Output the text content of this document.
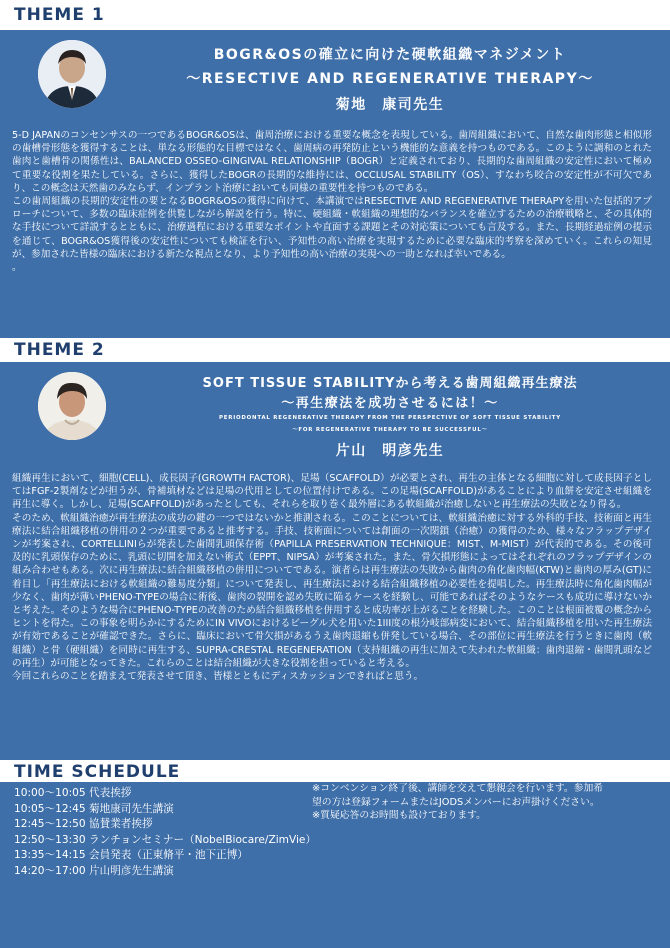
THEME 1
BOGR&OSの確立に向けた硬軟組織マネジメント
〜RESECTIVE AND REGENERATIVE THERAPY〜
菊地　康司先生
5-D JAPANのコンセンサスの一つであるBOGR&OSは、歯周治療における重要な概念を表現している。歯周組織において、自然な歯肉形態と相似形の歯槽骨形態を獲得することは、単なる形態的な目標ではなく、歯周病の再発防止という機能的な意義を持つものである。このように調和のとれた歯肉と歯槽骨の関係性は、BALANCED OSSEO-GINGIVAL RELATIONSHIP（BOGR）と定義されており、長期的な歯周組織の安定性において極めて重要な役割を果たしている。さらに、獲得したBOGRの長期的な維持には、OCCLUSAL STABILITY（OS）、すなわち咬合の安定性が不可欠であり、この概念は天然歯のみならず、インプラント治療においても同様の重要性を持つものである。
この歯周組織の長期的安定性の要となるBOGR&OSの獲得に向けて、本講演ではRESECTIVE AND REGENERATIVE THERAPYを用いた包括的アプローチについて、多数の臨床症例を供覧しながら解説を行う。特に、硬組織・軟組織の理想的なバランスを確立するための治療戦略と、その具体的な手技について詳説するとともに、治療過程における重要なポイントや直面する課題とその対応策についても言及する。また、長期経過症例の提示を通じて、BOGR&OS獲得後の安定性についても検証を行い、予知性の高い治療を実現するために必要な臨床的考察を深めていく。これらの知見が、参加された皆様の臨床における新たな視点となり、より予知性の高い治療の実現への一助となれば幸いである。
。
THEME 2
SOFT TISSUE STABILITYから考える歯周組織再生療法
〜再生療法を成功させるには！〜
PERIODONTAL REGENERATIVE THERAPY FROM THE PERSPECTIVE OF SOFT TISSUE STABILITY
〜FOR REGENERATIVE THERAPY TO BE SUCCESSFUL〜
片山　明彦先生
組織再生において、細胞(CELL)、成長因子(GROWTH FACTOR)、足場（SCAFFOLD）が必要とされ、再生の主体となる細胞に対して成長因子としてはFGF-2製剤などが担うが、骨補填材などは足場の代用としての位置付けである。この足場(SCAFFOLD)があることにより血餅を安定させ組織を再生に導く。しかし、足場(SCAFFOLD)があったとしても、それらを取り巻く最外層にある軟組織が治癒しないと再生療法の失敗となり得る。
そのため、軟組織治癒が再生療法の成功の鍵の一つではないかと推測される。このことについては、軟組織治癒に対する外科的手技、技術面と再生療法に結合組織移植の併用の２つが重要であると推考する。手技、技術面については創面の一次閉鎖（治癒）の獲得のため、様々なフラップデザインが考案され、CORTELLINIらが発表した歯間乳頭保存術（PAPILLA PRESERVATION TECHNIQUE：MIST、M-MIST）が代表的である。その後可及的に乳頭保存のために、乳頭に切開を加えない術式（EPPT、NIPSA）が考案された。また、骨欠損形態によってはそれぞれのフラップデザインの組み合わせもある。次に再生療法に結合組織移植の併用についてである。演者らは再生療法の失敗から歯肉の角化歯肉幅(KTW)と歯肉の厚み(GT)に着目し「再生療法における軟組織の難易度分類」について発表し、再生療法における結合組織移植の必要性を提唱した。再生療法時に角化歯肉幅が少なく、歯肉が薄いPHENO-TYPEの場合に術後、歯肉の裂開を認め失敗に陥るケースを経験し、可能であればそのようなケースも成功に導けないかと考えた。そのような場合にPHENO-TYPEの改善のため結合組織移植を併用すると成功率が上がることを経験した。このことは根面被覆の概念からヒントを得た。この事象を明らかにするためにIN VIVOにおけるビーグル犬を用いた1III度の根分岐部病変において、結合組織移植を用いた再生療法が有効であることが確認できた。さらに、臨床において骨欠損があるうえ歯肉退縮も併発している場合、その部位に再生療法を行うときに歯肉（軟組織）と骨（硬組織）を同時に再生する、SUPRA-CRESTAL REGENERATION（支持組織の再生に加えて失われた軟組織：歯肉退縮・歯間乳頭などの再生）が可能となってきた。これらのことは結合組織が大きな役割を担っていると考える。
今回これらのことを踏まえて発表させて頂き、皆様とともにディスカッションできればと思う。
TIME SCHEDULE
10:00〜10:05 代表挨拶
10:05〜12:45 菊地康司先生講演
12:45〜12:50 協賛業者挨拶
12:50〜13:30 ランチョンセミナー（NobelBiocare/ZimVie）
13:35〜14:15 会員発表（正東脩平・池下正博）
14:20〜17:00 片山明彦先生講演
※コンベンション終了後、講師を交えて懇親会を行います。参加希
望の方は登録フォームまたはJODSメンバーにお声掛けください。
※質疑応答のお時間も設けております。
